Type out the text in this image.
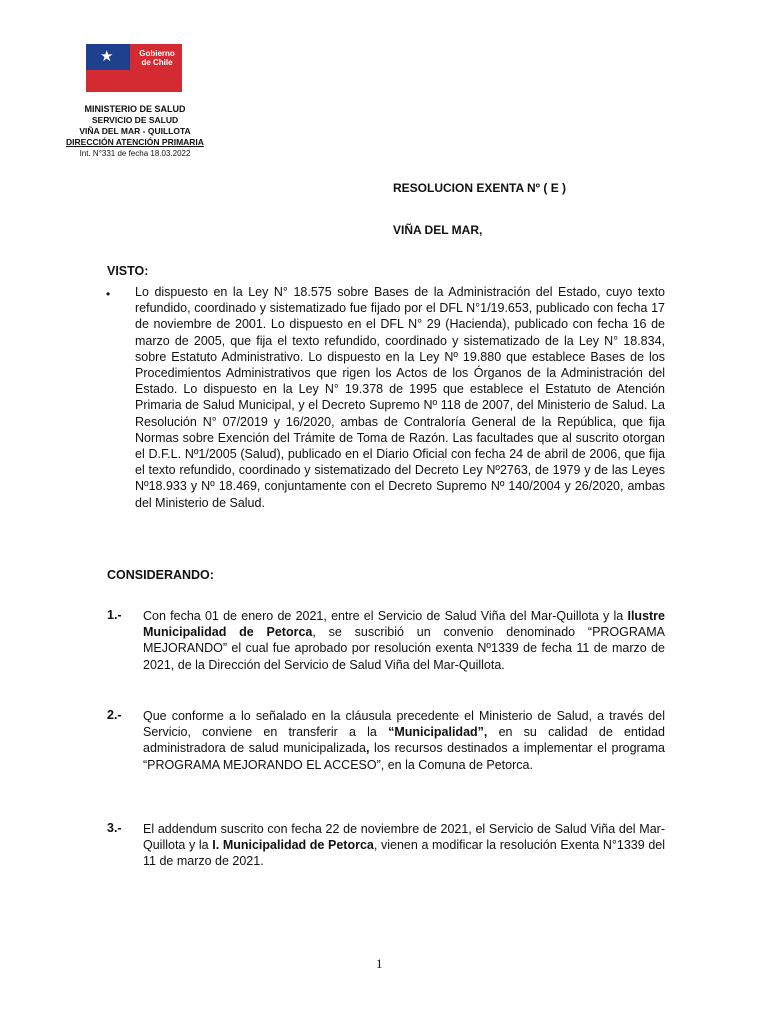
★	Gobierno
de Chile
MINISTERIO DE SALUD
SERVICIO DE SALUD
VIÑA DEL MAR - QUILLOTA
DIRECCIÓN ATENCIÓN PRIMARIA
Int. N°331 de fecha 18.03.2022
RESOLUCION EXENTA Nº ( E )
VIÑA DEL MAR,
VISTO:
• Lo dispuesto en la Ley N° 18.575 sobre Bases de la Administración del Estado, cuyo texto refundido, coordinado y sistematizado fue fijado por el DFL N°1/19.653, publicado con fecha 17 de noviembre de 2001. Lo dispuesto en el DFL N° 29 (Hacienda), publicado con fecha 16 de marzo de 2005, que fija el texto refundido, coordinado y sistematizado de la Ley N° 18.834, sobre Estatuto Administrativo. Lo dispuesto en la Ley Nº 19.880 que establece Bases de los Procedimientos Administrativos que rigen los Actos de los Órganos de la Administración del Estado. Lo dispuesto en la Ley N° 19.378 de 1995 que establece el Estatuto de Atención Primaria de Salud Municipal, y el Decreto Supremo Nº 118 de 2007, del Ministerio de Salud. La Resolución N° 07/2019 y 16/2020, ambas de Contraloría General de la República, que fija Normas sobre Exención del Trámite de Toma de Razón. Las facultades que al suscrito otorgan el D.F.L. Nº1/2005 (Salud), publicado en el Diario Oficial con fecha 24 de abril de 2006, que fija el texto refundido, coordinado y sistematizado del Decreto Ley Nº2763, de 1979 y de las Leyes Nº18.933 y Nº 18.469, conjuntamente con el Decreto Supremo Nº 140/2004 y 26/2020, ambas del Ministerio de Salud.

CONSIDERANDO:
1.- Con fecha 01 de enero de 2021, entre el Servicio de Salud Viña del Mar-Quillota y la Ilustre Municipalidad de Petorca, se suscribió un convenio denominado “PROGRAMA MEJORANDO” el cual fue aprobado por resolución exenta Nº1339 de fecha 11 de marzo de 2021, de la Dirección del Servicio de Salud Viña del Mar-Quillota.

2.- Que conforme a lo señalado en la cláusula precedente el Ministerio de Salud, a través del Servicio, conviene en transferir a la “Municipalidad”, en su calidad de entidad administradora de salud municipalizada, los recursos destinados a implementar el programa “PROGRAMA MEJORANDO EL ACCESO”, en la Comuna de Petorca.

3.- El addendum suscrito con fecha 22 de noviembre de 2021, el Servicio de Salud Viña del Mar-Quillota y la I. Municipalidad de Petorca, vienen a modificar la resolución Exenta N°1339 del 11 de marzo de 2021.

1
